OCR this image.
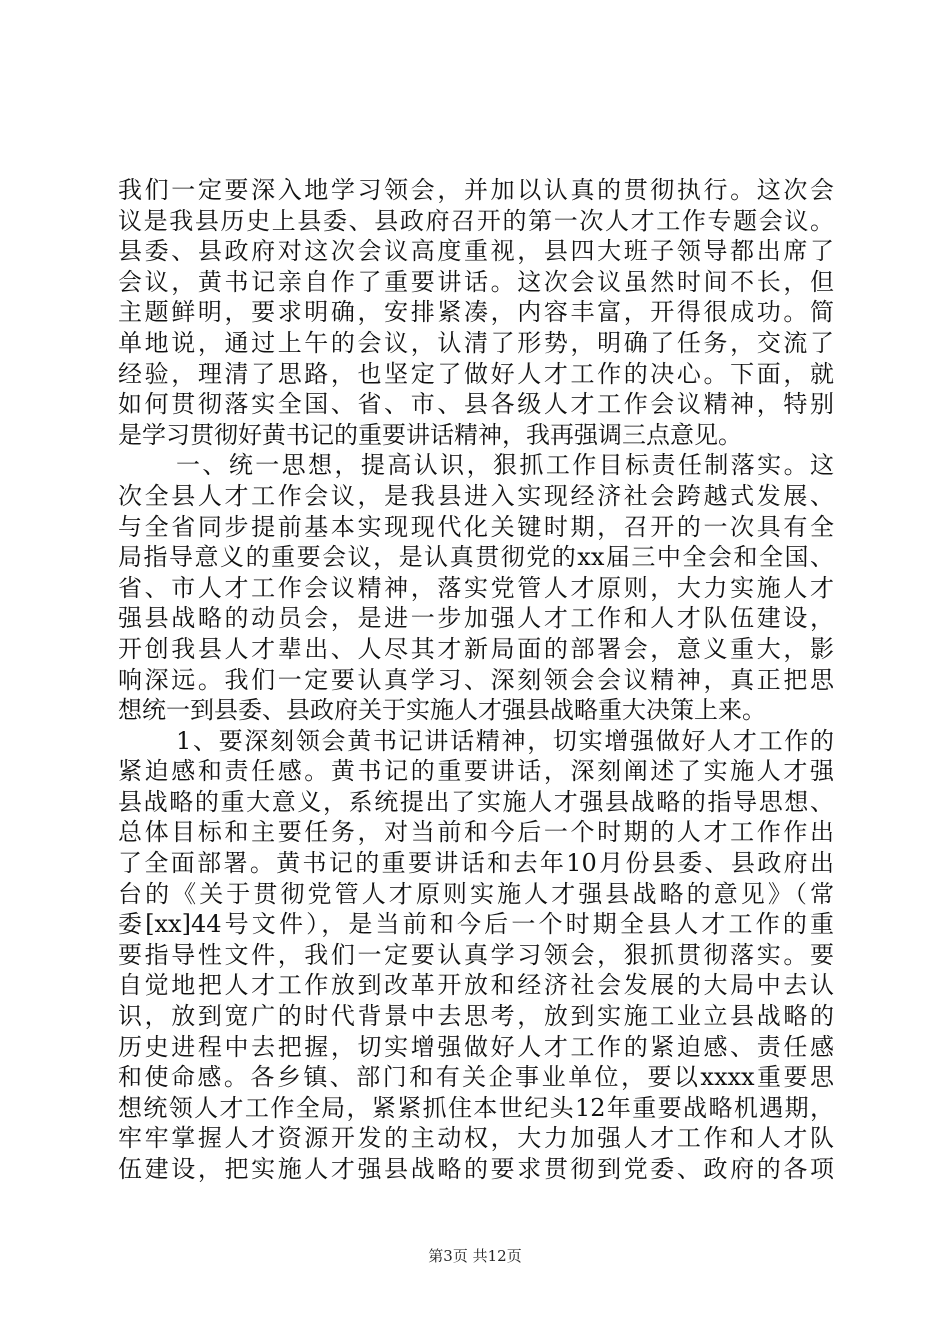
我们一定要深入地学习领会，并加以认真的贯彻执行。这次会
议是我县历史上县委、县政府召开的第一次人才工作专题会议。
县委、县政府对这次会议高度重视，县四大班子领导都出席了
会议，黄书记亲自作了重要讲话。这次会议虽然时间不长，但
主题鲜明，要求明确，安排紧凑，内容丰富，开得很成功。简
单地说，通过上午的会议，认清了形势，明确了任务，交流了
经验，理清了思路，也坚定了做好人才工作的决心。下面，就
如何贯彻落实全国、省、市、县各级人才工作会议精神，特别
是学习贯彻好黄书记的重要讲话精神，我再强调三点意见。
一、统一思想，提高认识，狠抓工作目标责任制落实。这
次全县人才工作会议，是我县进入实现经济社会跨越式发展、
与全省同步提前基本实现现代化关键时期，召开的一次具有全
局指导意义的重要会议，是认真贯彻党的xx届三中全会和全国、
省、市人才工作会议精神，落实党管人才原则，大力实施人才
强县战略的动员会，是进一步加强人才工作和人才队伍建设，
开创我县人才辈出、人尽其才新局面的部署会，意义重大，影
响深远。我们一定要认真学习、深刻领会会议精神，真正把思
想统一到县委、县政府关于实施人才强县战略重大决策上来。
1、要深刻领会黄书记讲话精神，切实增强做好人才工作的
紧迫感和责任感。黄书记的重要讲话，深刻阐述了实施人才强
县战略的重大意义，系统提出了实施人才强县战略的指导思想、
总体目标和主要任务，对当前和今后一个时期的人才工作作出
了全面部署。黄书记的重要讲话和去年10月份县委、县政府出
台的《关于贯彻党管人才原则实施人才强县战略的意见》（常
委[xx]44号文件），是当前和今后一个时期全县人才工作的重
要指导性文件，我们一定要认真学习领会，狠抓贯彻落实。要
自觉地把人才工作放到改革开放和经济社会发展的大局中去认
识，放到宽广的时代背景中去思考，放到实施工业立县战略的
历史进程中去把握，切实增强做好人才工作的紧迫感、责任感
和使命感。各乡镇、部门和有关企事业单位，要以xxxx重要思
想统领人才工作全局，紧紧抓住本世纪头12年重要战略机遇期，
牢牢掌握人才资源开发的主动权，大力加强人才工作和人才队
伍建设，把实施人才强县战略的要求贯彻到党委、政府的各项
第3页 共12页
